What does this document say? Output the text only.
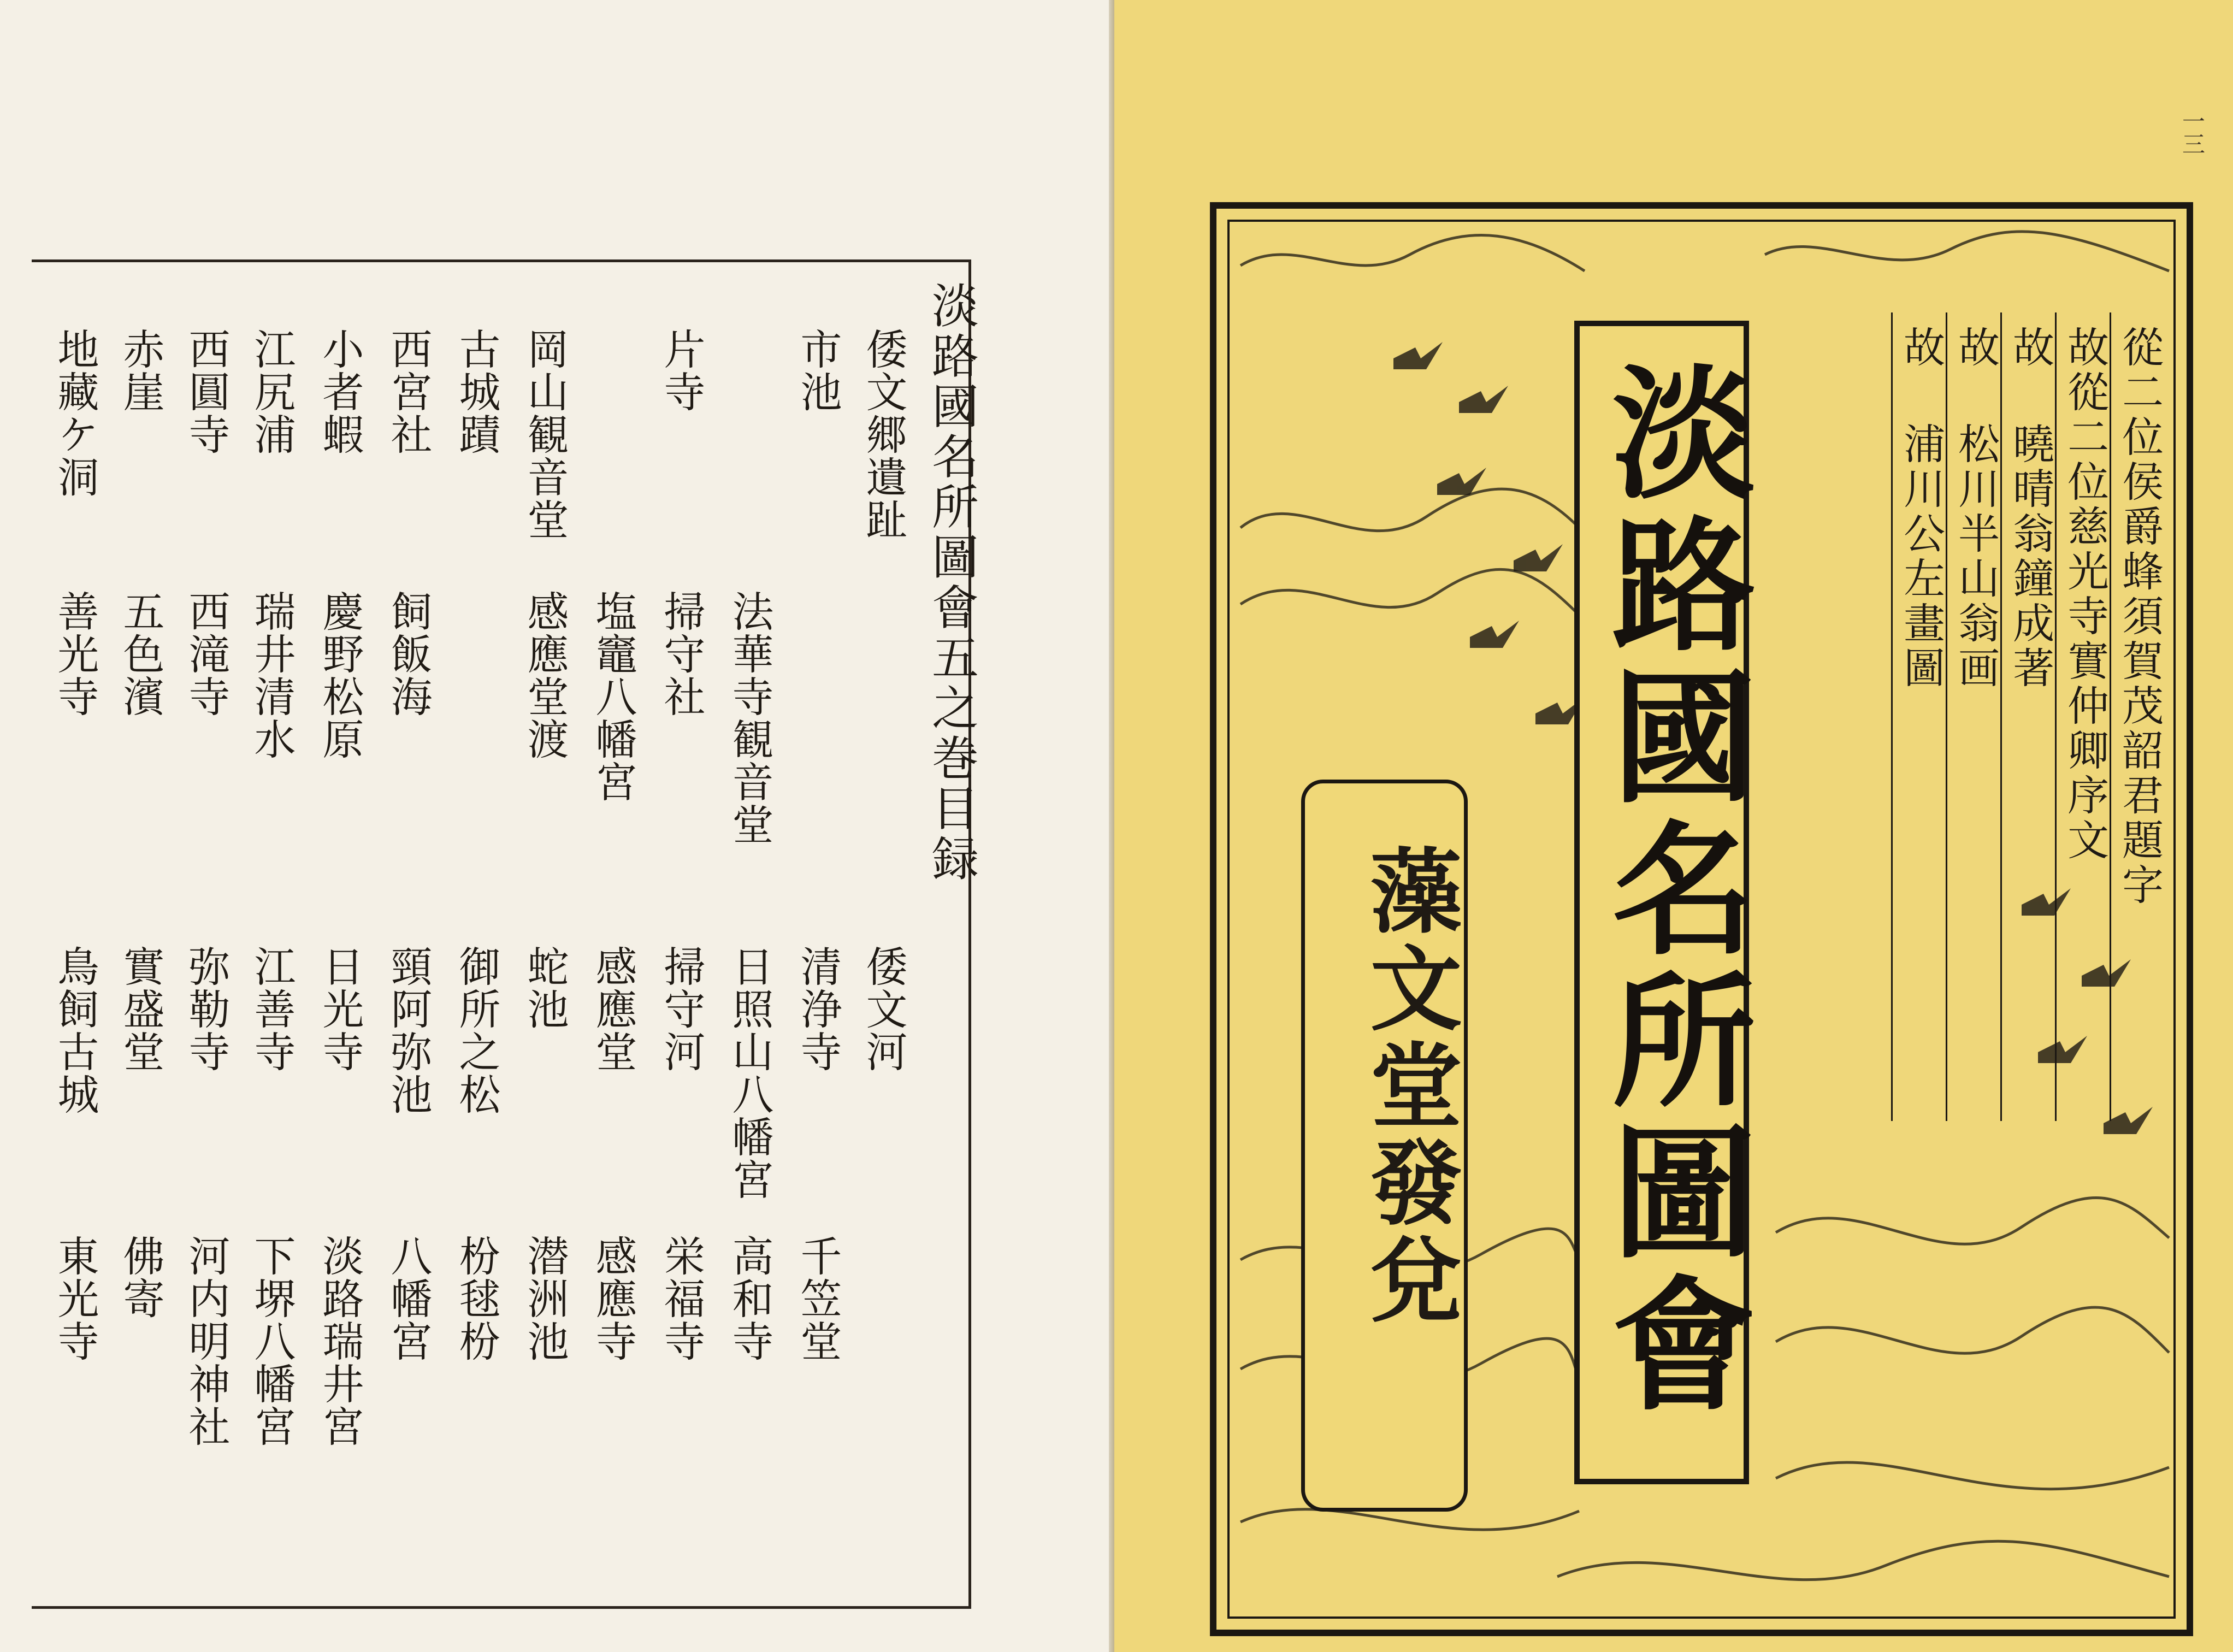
淡路國名所圖會五之巻目録
倭文郷遺趾
倭文河
市池
清浄寺
千笠堂
法華寺観音堂
日照山八幡宮
高和寺
片寺
掃守社
掃守河
栄福寺
塩竈八幡宮
感應堂
感應寺
岡山観音堂
感應堂渡
蛇池
潜洲池
古城蹟
御所之松
枌毬枌
西宮社
飼飯海
頸阿弥池
八幡宮
小者蝦
慶野松原
日光寺
淡路瑞井宮
江尻浦
瑞井清水
江善寺
下堺八幡宮
西圓寺
西滝寺
弥勒寺
河内明神社
赤崖
五色濱
實盛堂
佛寄
地藏ケ洞
善光寺
鳥飼古城
東光寺
一三
淡路國名所圖會
藻文堂發兌
從二位侯爵蜂須賀茂韶君題字
故從二位慈光寺實仲卿序文
故 曉晴翁鐘成著
故 松川半山翁画
故 浦川公左畫圖
